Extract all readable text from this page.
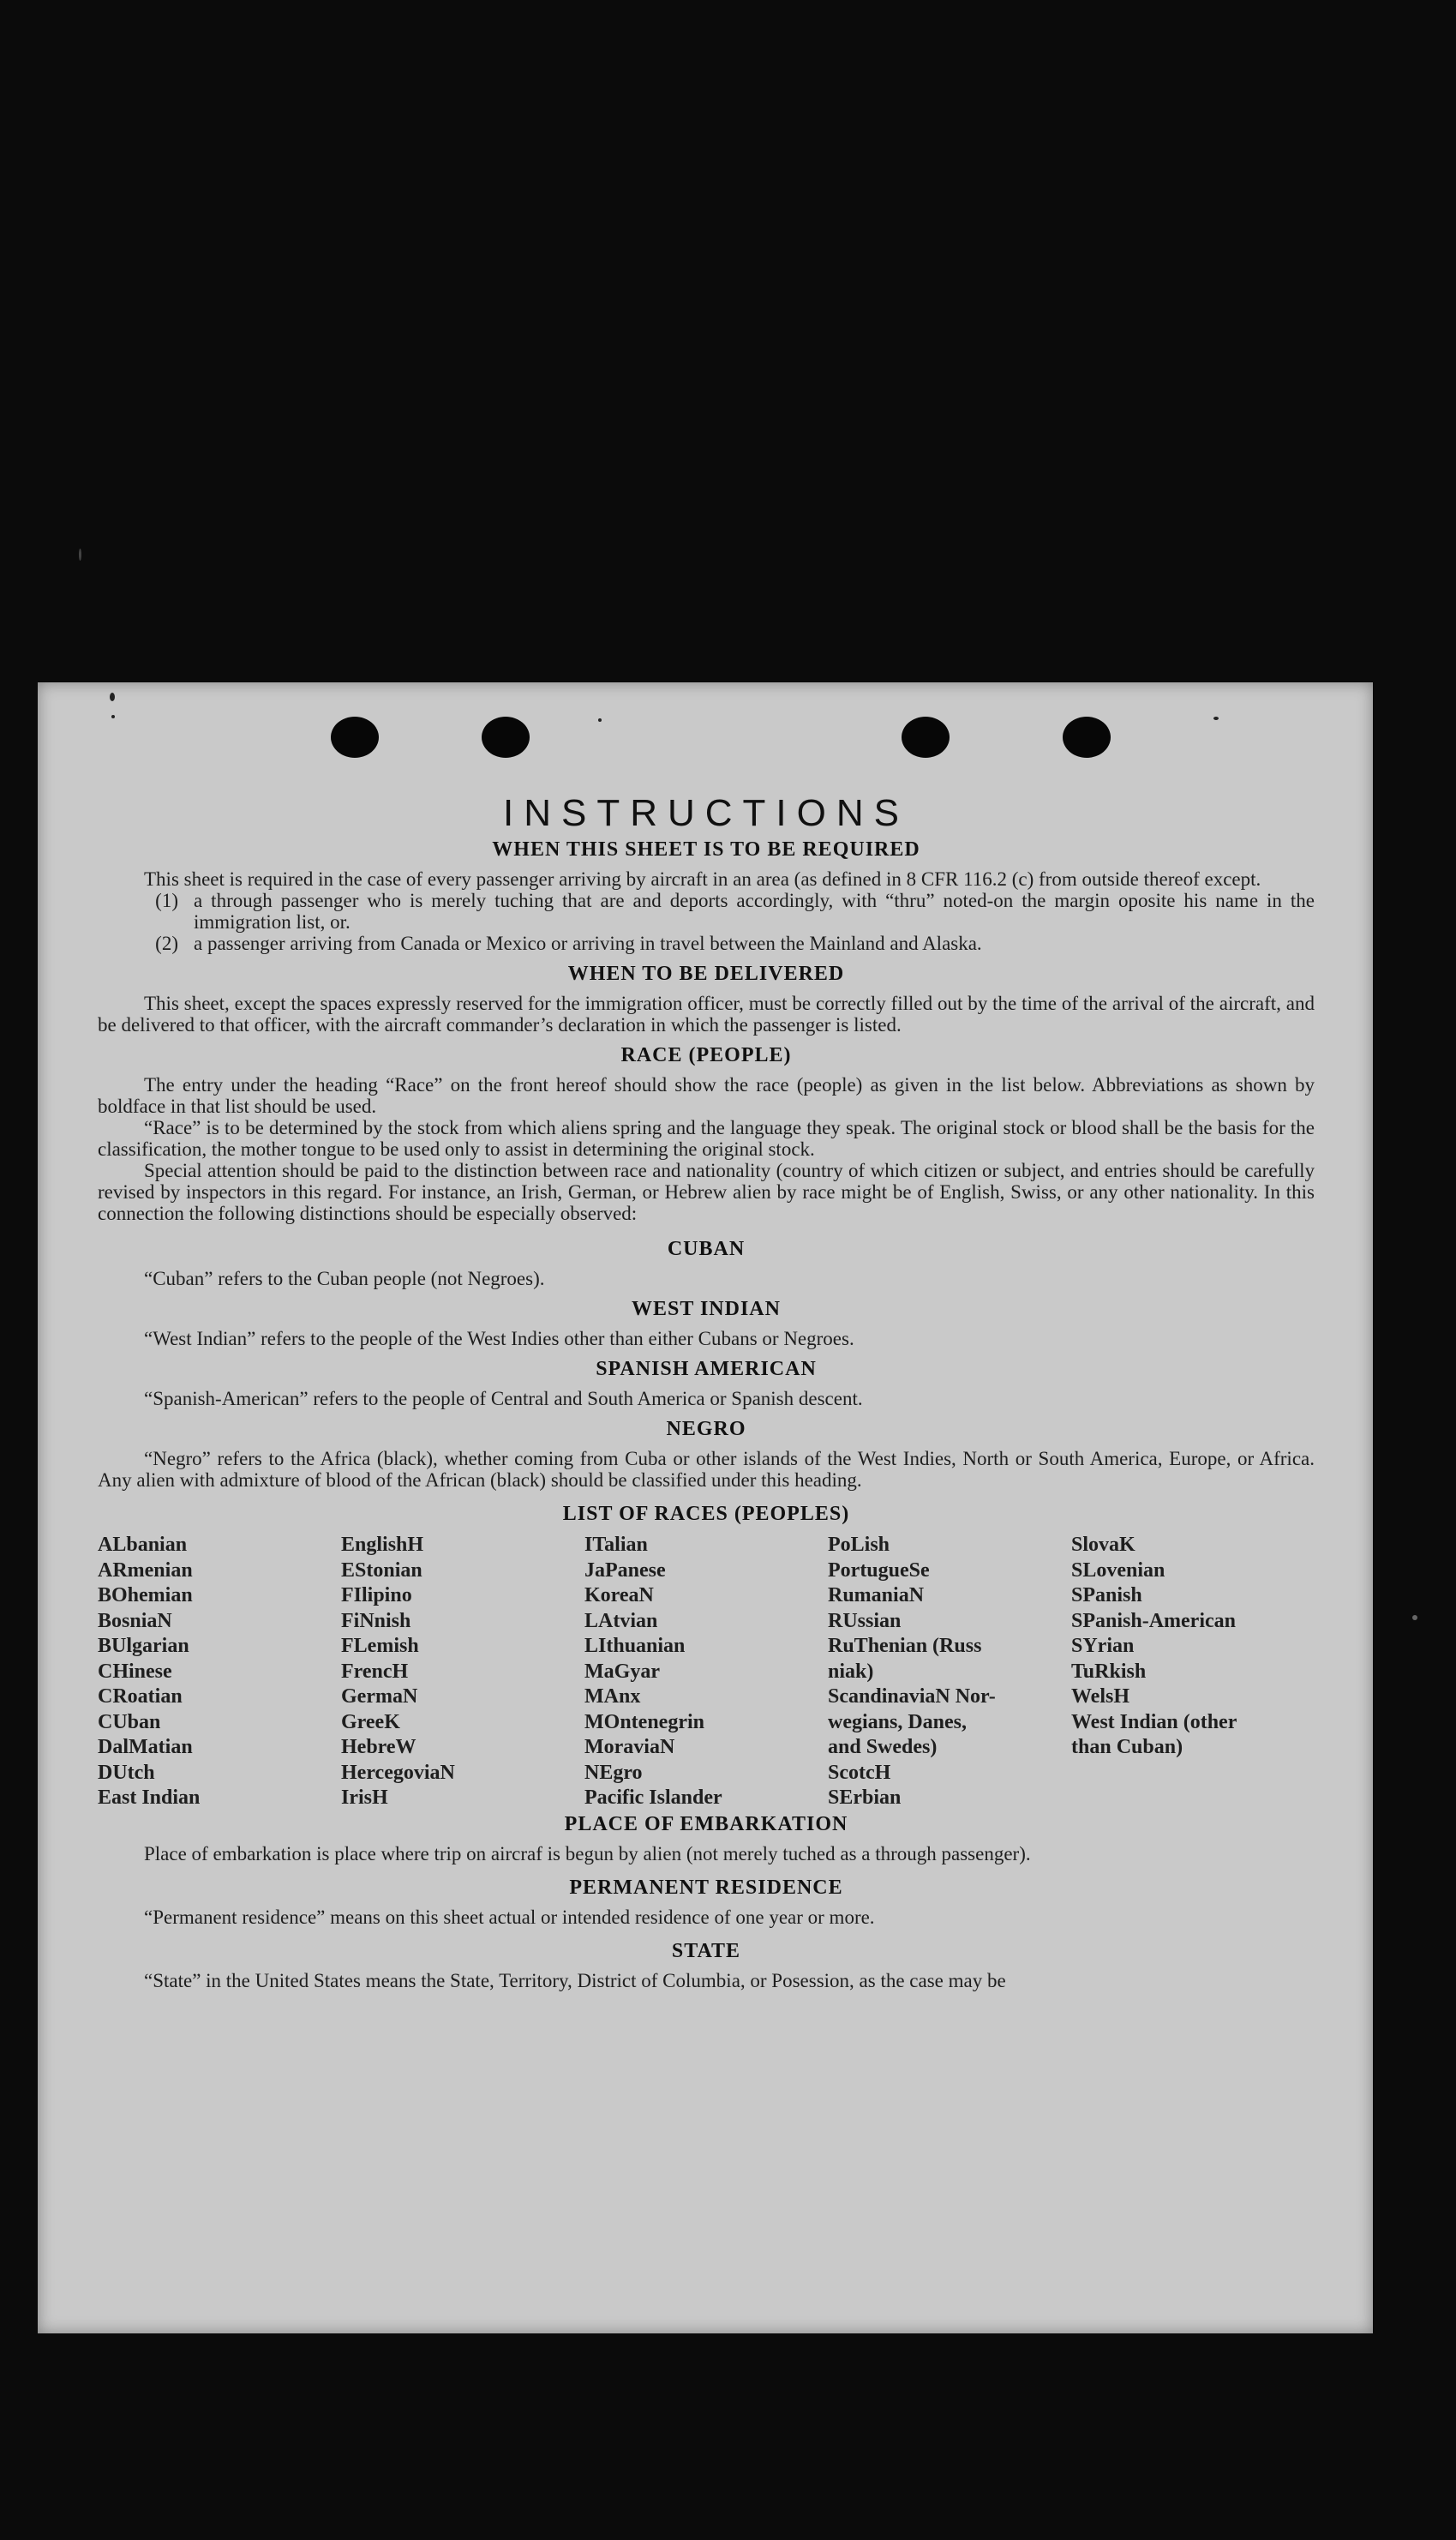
INSTRUCTIONS
WHEN THIS SHEET IS TO BE REQUIRED

This sheet is required in the case of every passenger arriving by aircraft in an area (as defined in 8 CFR 116.2 (c) from outside thereof except.

(1) a through passenger who is merely tuching that are and deports accordingly, with “thru” noted-on the margin oposite his name in the immigration list, or.
(2) a passenger arriving from Canada or Mexico or arriving in travel between the Mainland and Alaska.
WHEN TO BE DELIVERED

This sheet, except the spaces expressly reserved for the immigration officer, must be correctly filled out by the time of the arrival of the aircraft, and be delivered to that officer, with the aircraft commander’s declaration in which the passenger is listed.

RACE (PEOPLE)

The entry under the heading “Race” on the front hereof should show the race (people) as given in the list below. Abbreviations as shown by boldface in that list should be used.

“Race” is to be determined by the stock from which aliens spring and the language they speak. The original stock or blood shall be the basis for the classification, the mother tongue to be used only to assist in determining the original stock.

Special attention should be paid to the distinction between race and nationality (country of which citizen or subject, and entries should be carefully revised by inspectors in this regard. For instance, an Irish, German, or Hebrew alien by race might be of English, Swiss, or any other nationality. In this connection the following distinctions should be especially observed:

CUBAN

“Cuban” refers to the Cuban people (not Negroes).

WEST INDIAN

“West Indian” refers to the people of the West Indies other than either Cubans or Negroes.

SPANISH AMERICAN

“Spanish-American” refers to the people of Central and South America or Spanish descent.

NEGRO

“Negro” refers to the Africa (black), whether coming from Cuba or other islands of the West Indies, North or South America, Europe, or Africa. Any alien with admixture of blood of the African (black) should be classified under this heading.

LIST OF RACES (PEOPLES)
ALbanian
ARmenian
BOhemian
BosniaN
BUlgarian
CHinese
CRoatian
CUban
DalMatian
DUtch
East Indian
EnglishH
EStonian
FIlipino
FiNnish
FLemish
FrencH
GermaN
GreeK
HebreW
HercegoviaN
IrisH
ITalian
JaPanese
KoreaN
LAtvian
LIthuanian
MaGyar
MAnx
MOntenegrin
MoraviaN
NEgro
Pacific Islander
PoLish
PortugueSe
RumaniaN
RUssian
RuThenian (Russ
niak)
ScandinaviaN Nor-
wegians, Danes,
and Swedes)
ScotcH
SErbian
SlovaK
SLovenian
SPanish
SPanish-American
SYrian
TuRkish
WelsH
West Indian (other
than Cuban)
PLACE OF EMBARKATION

Place of embarkation is place where trip on aircraf is begun by alien (not merely tuched as a through passenger).

PERMANENT RESIDENCE

“Permanent residence” means on this sheet actual or intended residence of one year or more.

STATE

“State” in the United States means the State, Territory, District of Columbia, or Posession, as the case may be
